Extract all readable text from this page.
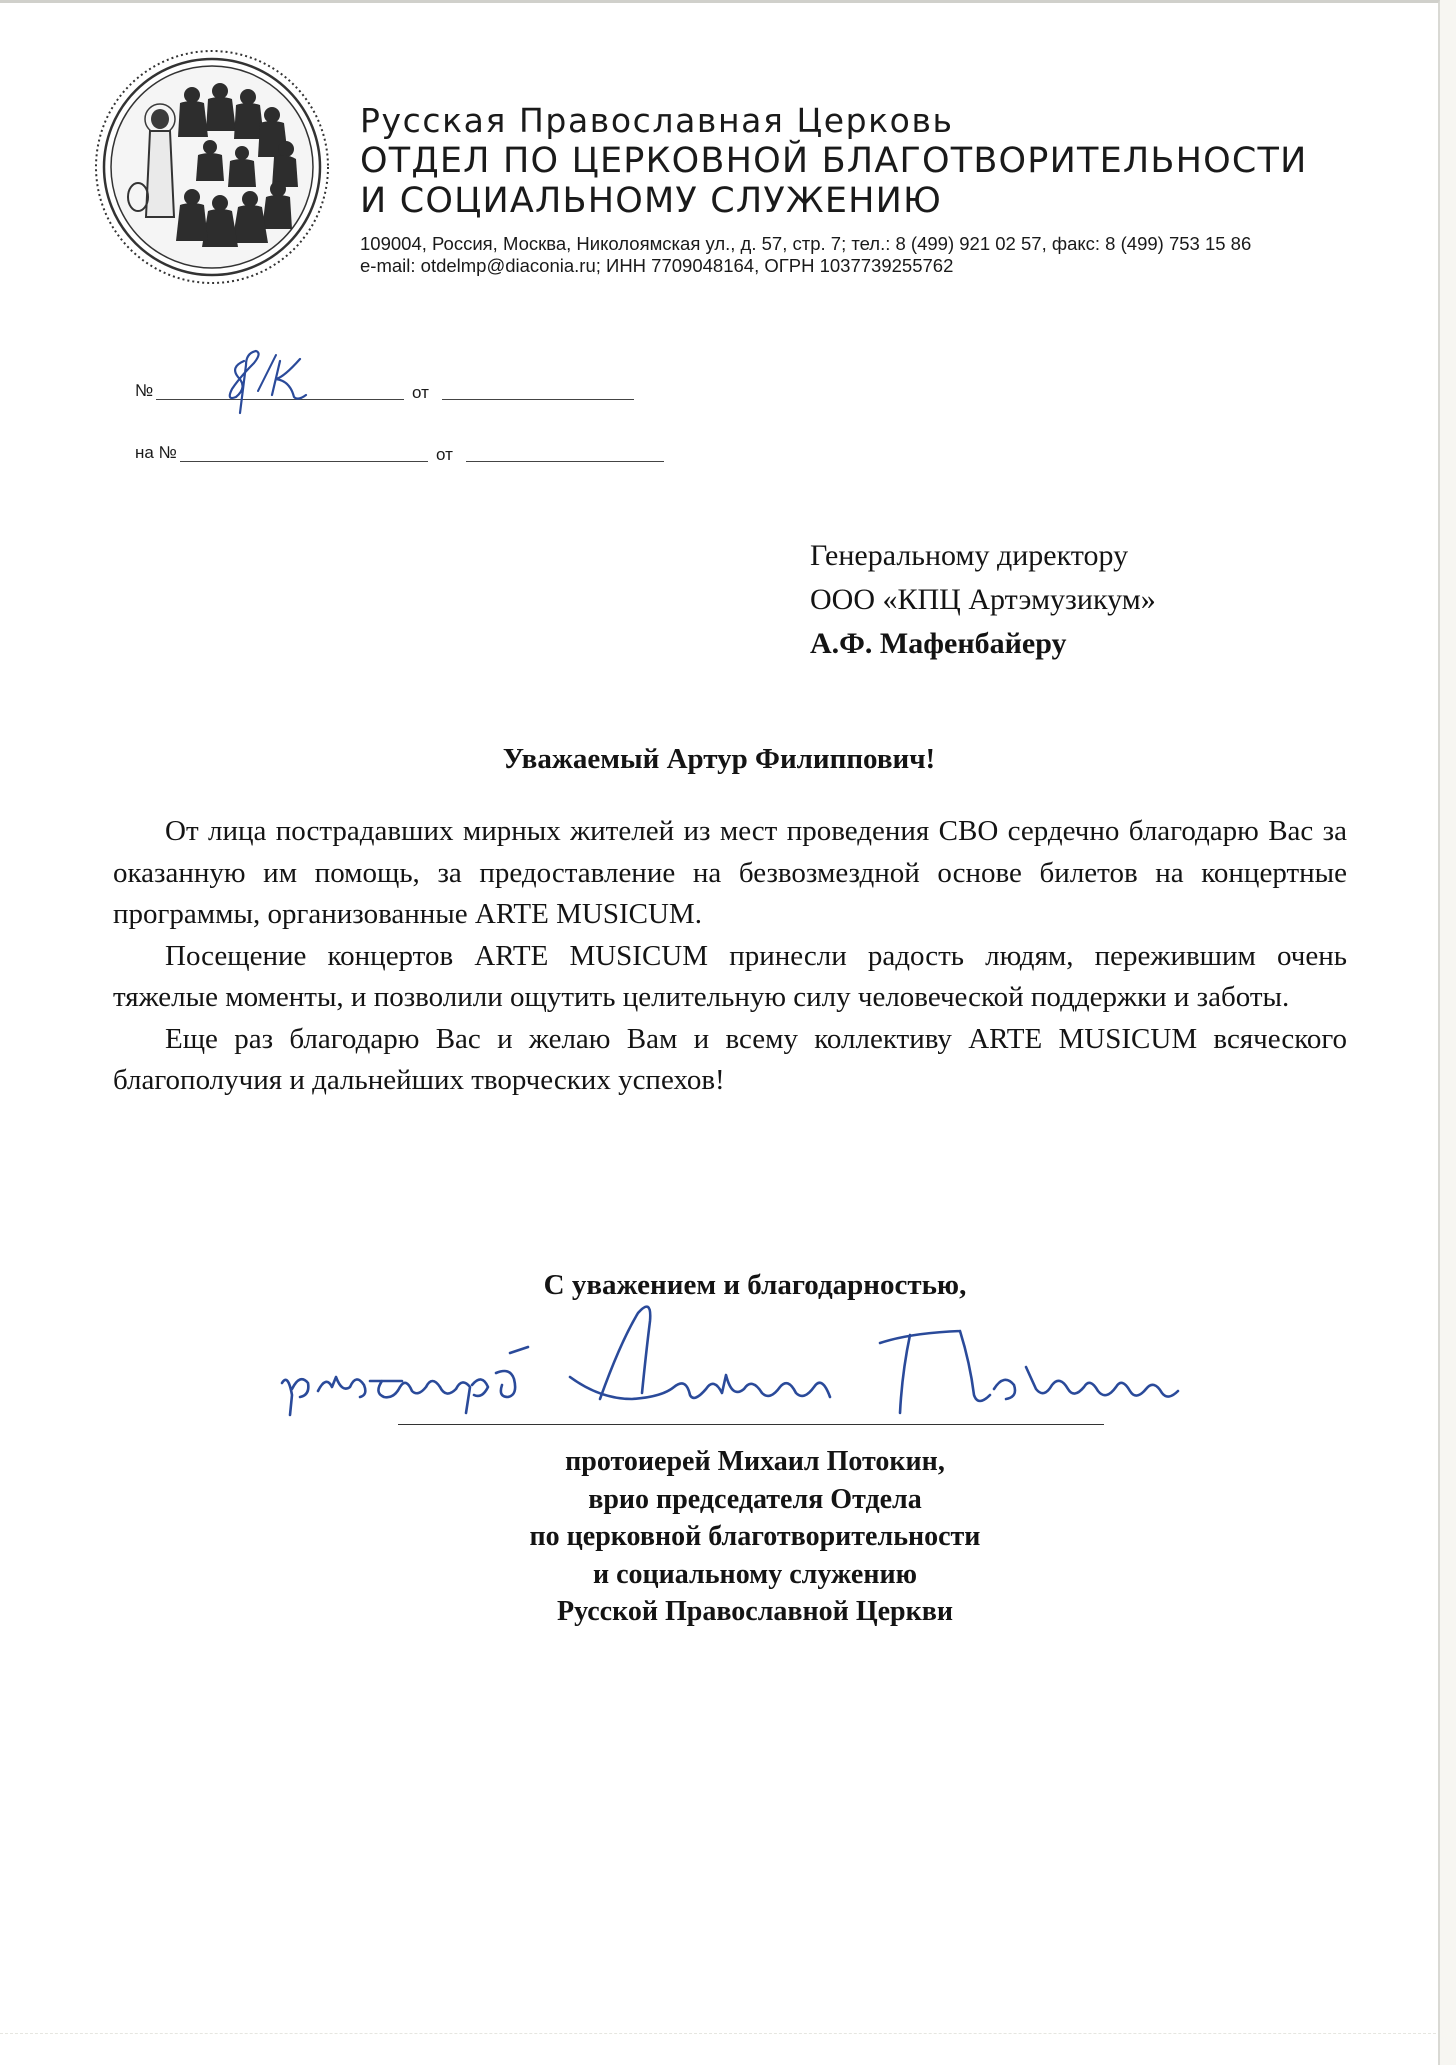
Русская Православная Церковь
ОТДЕЛ ПО ЦЕРКОВНОЙ БЛАГОТВОРИТЕЛЬНОСТИ
И СОЦИАЛЬНОМУ СЛУЖЕНИЮ
109004, Россия, Москва, Николоямская ул., д. 57, стр. 7; тел.: 8 (499) 921 02 57, факс: 8 (499) 753 15 86
e-mail: otdelmp@diaconia.ru; ИНН 7709048164, ОГРН 1037739255762
№	от
на №	от
Генеральному директору
ООО «КПЦ Артэмузикум»
А.Ф. Мафенбайеру
Уважаемый Артур Филиппович!

От лица пострадавших мирных жителей из мест проведения СВО сердечно благодарю Вас за оказанную им помощь, за предоставление на безвозмездной основе билетов на концертные программы, организованные ARTE MUSICUM.

Посещение концертов ARTE MUSICUM принесли радость людям, пережившим очень тяжелые моменты, и позволили ощутить целительную силу человеческой поддержки и заботы.

Еще раз благодарю Вас и желаю Вам и всему коллективу ARTE MUSICUM всяческого благополучия и дальнейших творческих успехов!

С уважением и благодарностью,
протоиерей Михаил Потокин,
врио председателя Отдела
по церковной благотворительности
и социальному служению
Русской Православной Церкви
